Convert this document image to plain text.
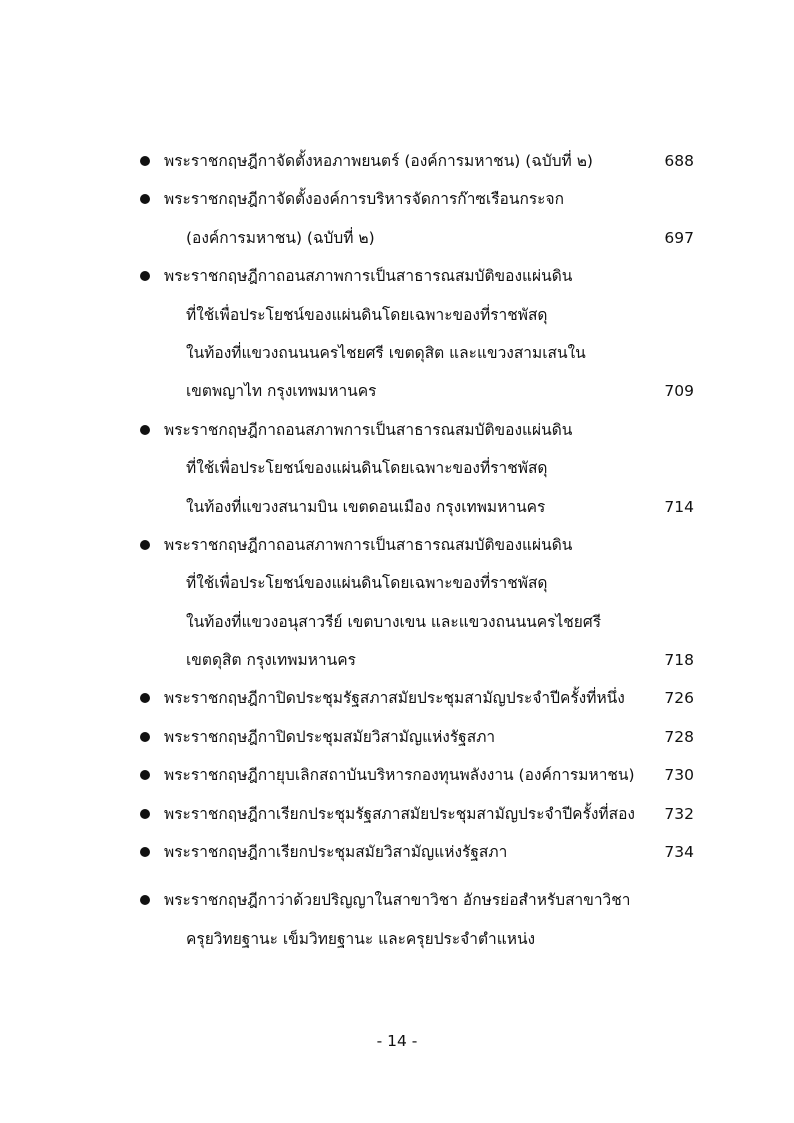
พระราชกฤษฎีกาจัดตั้งหอภาพยนตร์ (องค์การมหาชน) (ฉบับที่ ๒)	688
พระราชกฤษฎีกาจัดตั้งองค์การบริหารจัดการก๊าซเรือนกระจก
(องค์การมหาชน) (ฉบับที่ ๒)	697
พระราชกฤษฎีกาถอนสภาพการเป็นสาธารณสมบัติของแผ่นดิน
ที่ใช้เพื่อประโยชน์ของแผ่นดินโดยเฉพาะของที่ราชพัสดุ
ในท้องที่แขวงถนนนครไชยศรี เขตดุสิต และแขวงสามเสนใน
เขตพญาไท กรุงเทพมหานคร	709
พระราชกฤษฎีกาถอนสภาพการเป็นสาธารณสมบัติของแผ่นดิน
ที่ใช้เพื่อประโยชน์ของแผ่นดินโดยเฉพาะของที่ราชพัสดุ
ในท้องที่แขวงสนามบิน เขตดอนเมือง กรุงเทพมหานคร	714
พระราชกฤษฎีกาถอนสภาพการเป็นสาธารณสมบัติของแผ่นดิน
ที่ใช้เพื่อประโยชน์ของแผ่นดินโดยเฉพาะของที่ราชพัสดุ
ในท้องที่แขวงอนุสาวรีย์ เขตบางเขน และแขวงถนนนครไชยศรี
เขตดุสิต กรุงเทพมหานคร	718
พระราชกฤษฎีกาปิดประชุมรัฐสภาสมัยประชุมสามัญประจำปีครั้งที่หนึ่ง	726
พระราชกฤษฎีกาปิดประชุมสมัยวิสามัญแห่งรัฐสภา	728
พระราชกฤษฎีกายุบเลิกสถาบันบริหารกองทุนพลังงาน (องค์การมหาชน) 730
พระราชกฤษฎีกาเรียกประชุมรัฐสภาสมัยประชุมสามัญประจำปีครั้งที่สอง 732
พระราชกฤษฎีกาเรียกประชุมสมัยวิสามัญแห่งรัฐสภา	734
พระราชกฤษฎีกาว่าด้วยปริญญาในสาขาวิชา อักษรย่อสำหรับสาขาวิชา
ครุยวิทยฐานะ เข็มวิทยฐานะ และครุยประจำตำแหน่ง
- 14 -
